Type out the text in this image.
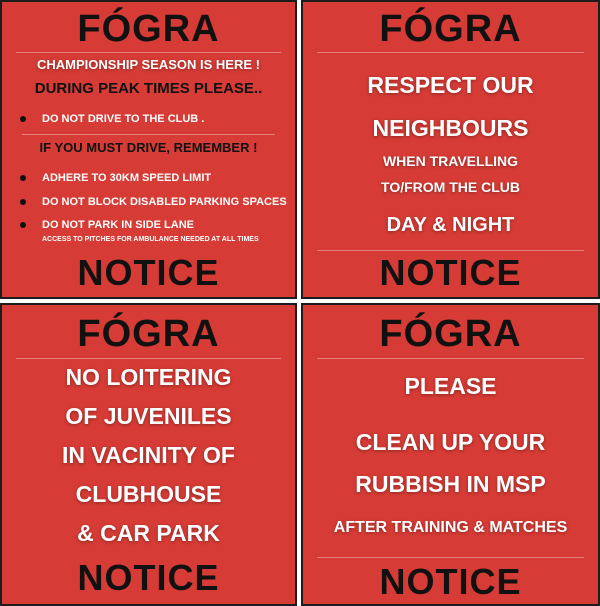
FÓGRA
CHAMPIONSHIP SEASON IS HERE !
DURING PEAK TIMES PLEASE..
DO NOT DRIVE TO THE CLUB .
IF YOU MUST DRIVE, REMEMBER !
ADHERE TO 30KM SPEED LIMIT
DO NOT BLOCK DISABLED PARKING SPACES
DO NOT PARK IN SIDE LANE
ACCESS TO PITCHES FOR AMBULANCE NEEDED AT ALL TIMES
NOTICE
FÓGRA
RESPECT OUR
NEIGHBOURS
WHEN TRAVELLING
TO/FROM THE CLUB
DAY & NIGHT
NOTICE
FÓGRA
NO LOITERING
OF JUVENILES
IN VACINITY OF
CLUBHOUSE
& CAR PARK
NOTICE
FÓGRA
PLEASE
CLEAN UP YOUR
RUBBISH IN MSP
AFTER TRAINING & MATCHES
NOTICE
